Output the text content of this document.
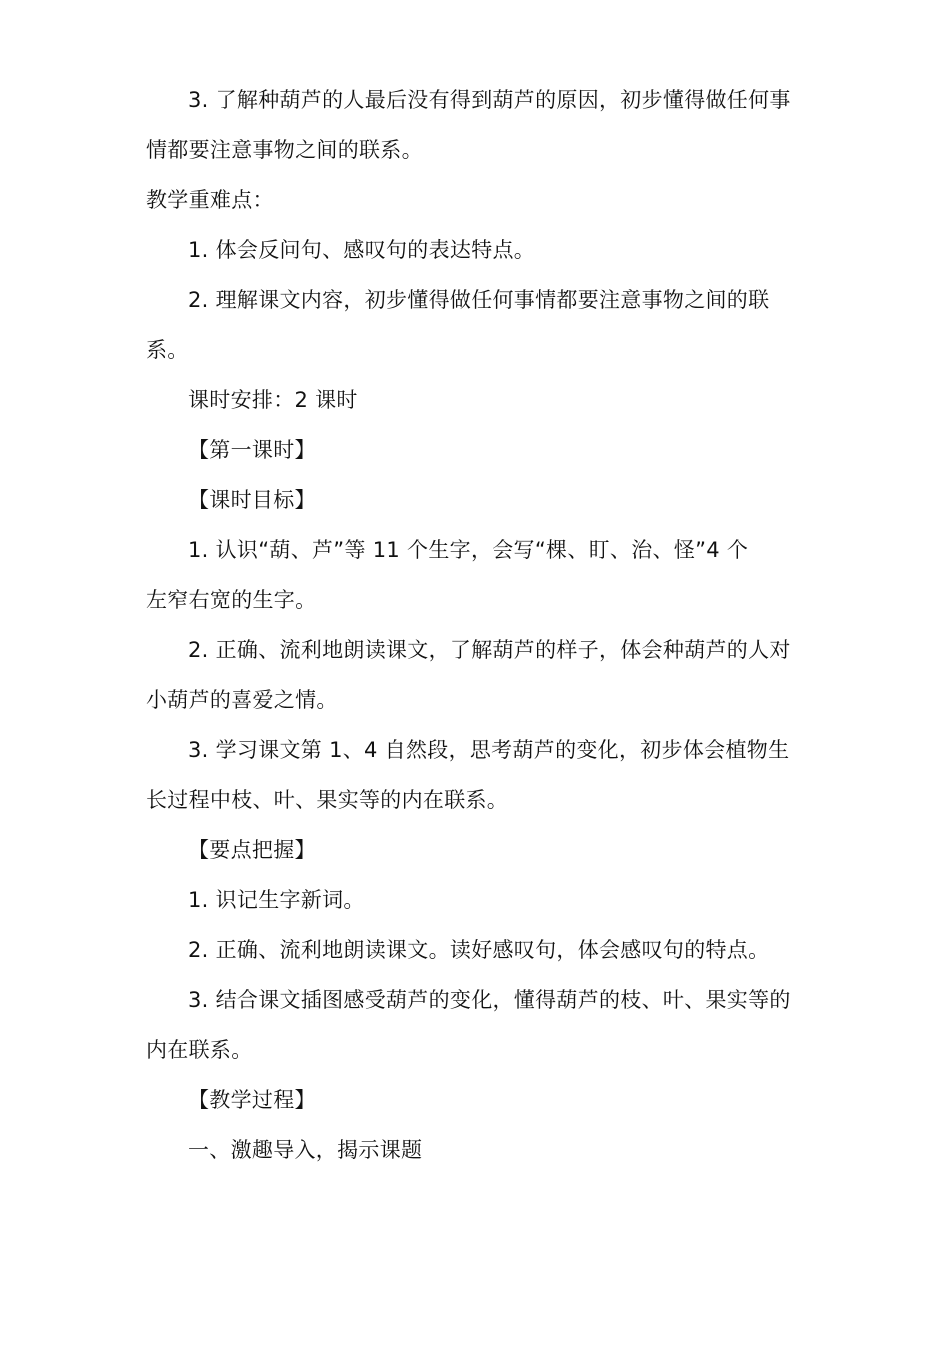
3. 了解种葫芦的人最后没有得到葫芦的原因，初步懂得做任何事
情都要注意事物之间的联系。
教学重难点：
1. 体会反问句、感叹句的表达特点。
2. 理解课文内容，初步懂得做任何事情都要注意事物之间的联
系。
课时安排：2 课时
【第一课时】
【课时目标】
1. 认识“葫、芦”等 11 个生字，会写“棵、盯、治、怪”4 个
左窄右宽的生字。
2. 正确、流利地朗读课文，了解葫芦的样子，体会种葫芦的人对
小葫芦的喜爱之情。
3. 学习课文第 1、4 自然段，思考葫芦的变化，初步体会植物生
长过程中枝、叶、果实等的内在联系。
【要点把握】
1. 识记生字新词。
2. 正确、流利地朗读课文。读好感叹句，体会感叹句的特点。
3. 结合课文插图感受葫芦的变化，懂得葫芦的枝、叶、果实等的
内在联系。
【教学过程】
一、激趣导入，揭示课题
